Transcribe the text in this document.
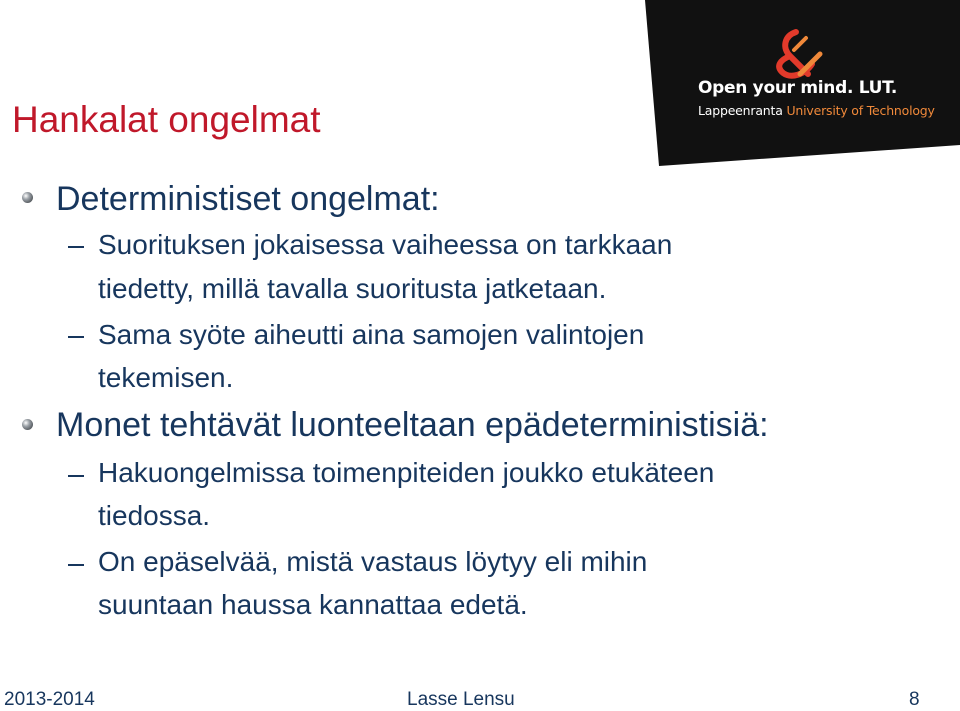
Open your mind. LUT.
Lappeenranta University of Technology
Hankalat ongelmat
Deterministiset ongelmat:
Suorituksen jokaisessa vaiheessa on tarkkaan
tiedetty, millä tavalla suoritusta jatketaan.
Sama syöte aiheutti aina samojen valintojen
tekemisen.
Monet tehtävät luonteeltaan epädeterministisiä:
Hakuongelmissa toimenpiteiden joukko etukäteen
tiedossa.
On epäselvää, mistä vastaus löytyy eli mihin
suuntaan haussa kannattaa edetä.
2013-2014	Lasse Lensu	8
